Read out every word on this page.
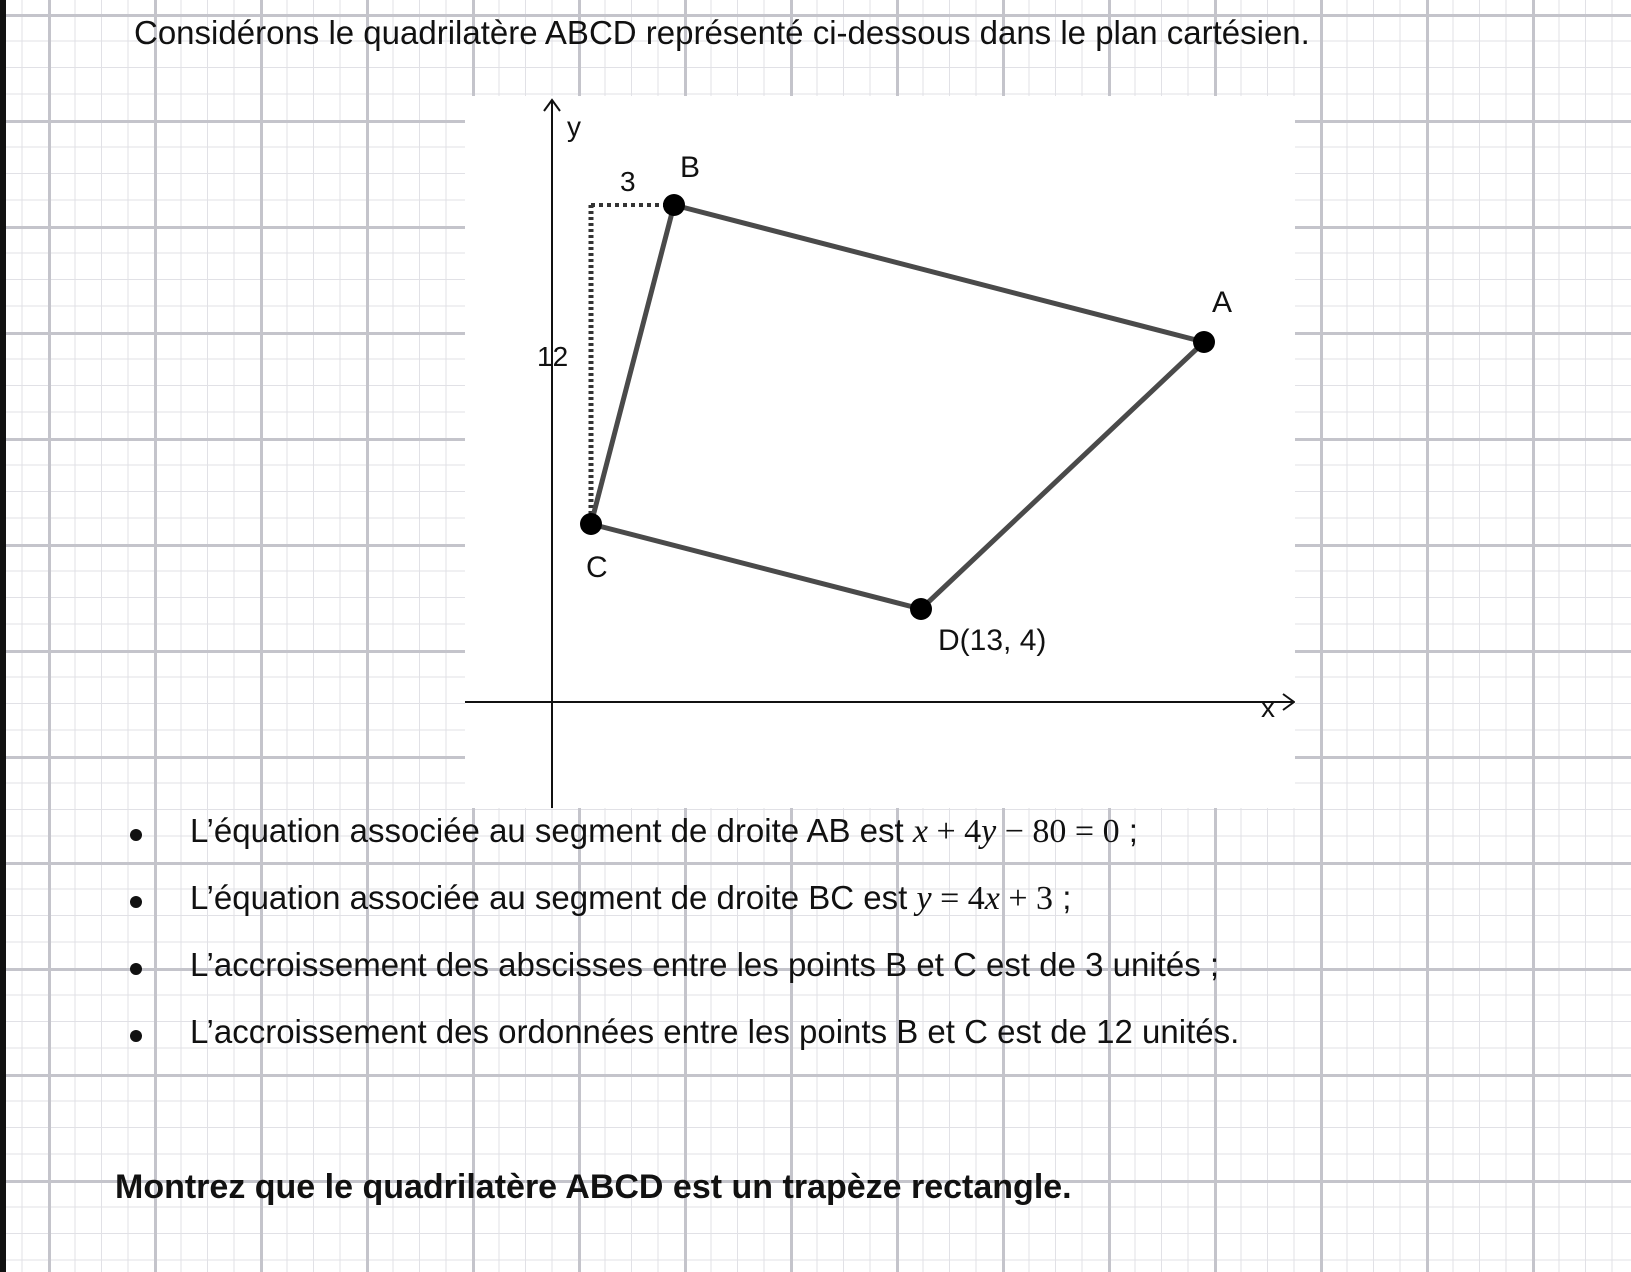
Considérons le quadrilatère ABCD représenté ci-dessous dans le plan cartésien.

x
y
3
12
A
B
C
D(13, 4)
L’équation associée au segment de droite AB est x + 4y − 80 = 0 ;
L’équation associée au segment de droite BC est y = 4x + 3 ;
L’accroissement des abscisses entre les points B et C est de 3 unités ;
L’accroissement des ordonnées entre les points B et C est de 12 unités.

Montrez que le quadrilatère ABCD est un trapèze rectangle.
